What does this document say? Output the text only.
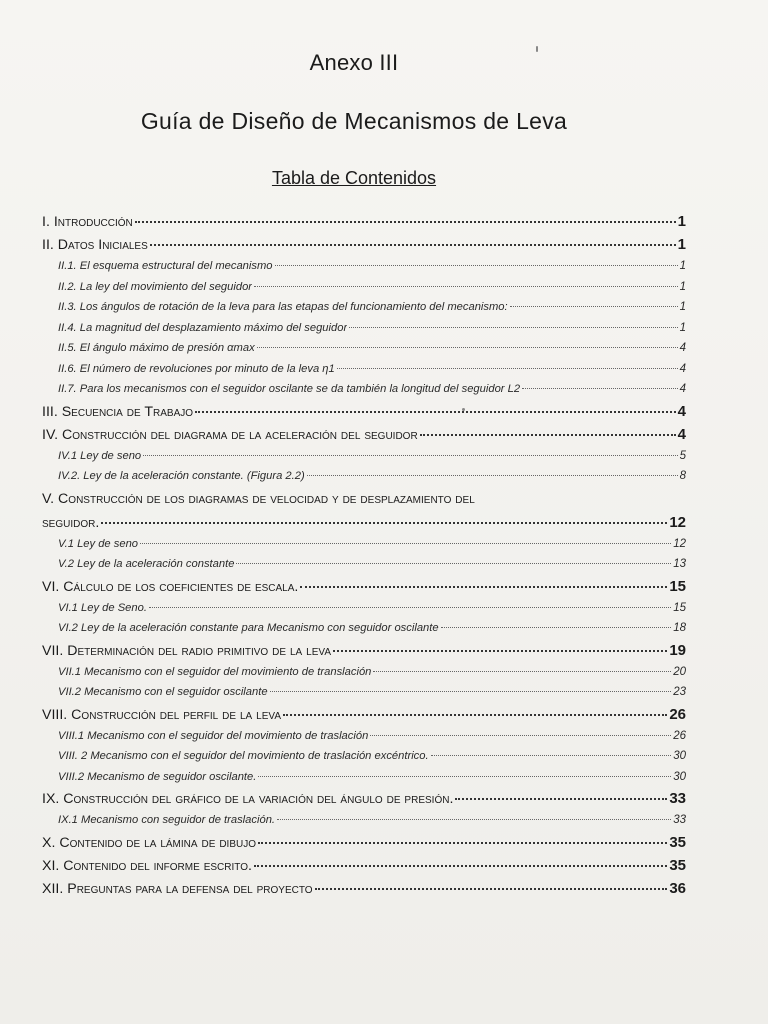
Anexo III
Guía de Diseño de Mecanismos de Leva
Tabla de Contenidos
I. Introducción	1
II. Datos Iniciales	1
II.1. El esquema estructural del mecanismo	1
II.2. La ley del movimiento del seguidor	1
II.3. Los ángulos de rotación de la leva para las etapas del funcionamiento del mecanismo:	1
II.4. La magnitud del desplazamiento máximo del seguidor	1
II.5. El ángulo máximo de presión αmax	4
II.6. El número de revoluciones por minuto de la leva η1	4
II.7. Para los mecanismos con el seguidor oscilante se da también la longitud del seguidor L2	4
III. Secuencia de Trabajo	4
IV. Construcción del diagrama de la aceleración del seguidor	4
IV.1 Ley de seno	5
IV.2. Ley de la aceleración constante. (Figura 2.2)	8
V. Construcción de los diagramas de velocidad y de desplazamiento del
seguidor.	12
V.1 Ley de seno	12
V.2 Ley de la aceleración constante	13
VI. Cálculo de los coeficientes de escala.	15
VI.1 Ley de Seno.	15
VI.2 Ley de la aceleración constante para Mecanismo con seguidor oscilante	18
VII. Determinación del radio primitivo de la leva	19
VII.1 Mecanismo con el seguidor del movimiento de translación	20
VII.2 Mecanismo con el seguidor oscilante	23
VIII. Construcción del perfil de la leva	26
VIII.1 Mecanismo con el seguidor del movimiento de traslación	26
VIII. 2 Mecanismo con el seguidor del movimiento de traslación excéntrico.	30
VIII.2 Mecanismo de seguidor oscilante.	30
IX. Construcción del gráfico de la variación del ángulo de presión.	33
IX.1 Mecanismo con seguidor de traslación.	33
X. Contenido de la lámina de dibujo	35
XI. Contenido del informe escrito.	35
XII. Preguntas para la defensa del proyecto	36
